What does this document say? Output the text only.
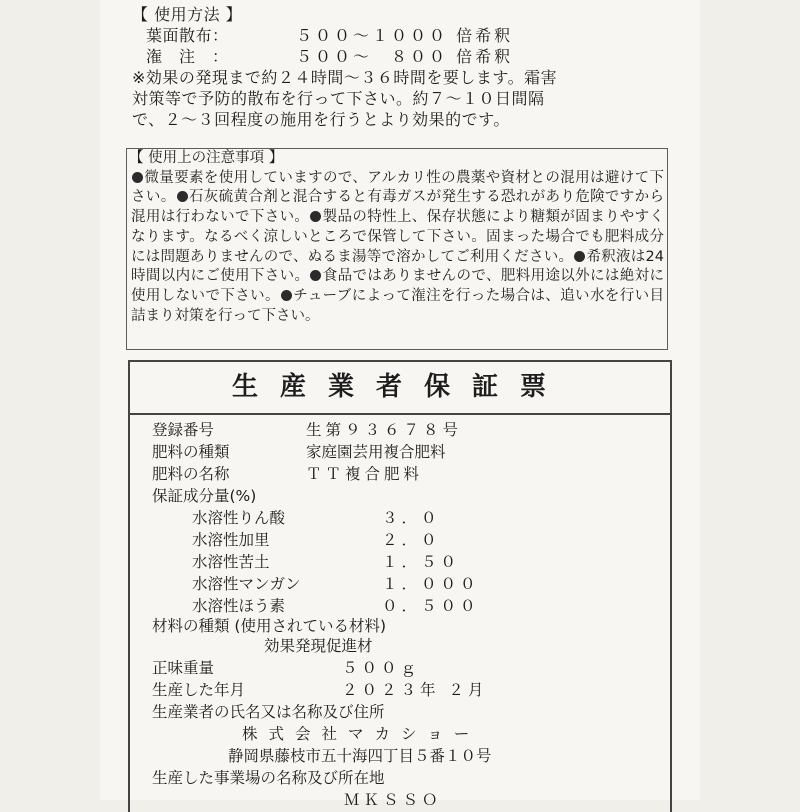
【 使用方法 】
葉面散布：	５００～１０００ 倍希釈
潅　注　：	５００～　８００ 倍希釈
※効果の発現まで約２４時間～３６時間を要します。霜害
対策等で予防的散布を行って下さい。約７～１０日間隔
で、２～３回程度の施用を行うとより効果的です。
【 使用上の注意事項 】
微量要素を使用していますので、アルカリ性の農薬や資材との混用は避けて下さい。 石灰硫黄合剤と混合すると有毒ガスが発生する恐れがあり危険ですから混用は行わないで下さい。 製品の特性上、保存状態により糖類が固まりやすくなります。なるべく涼しいところで保管して下さい。固まった場合でも肥料成分には問題ありませんので、ぬるま湯等で溶かしてご利用ください。 希釈液は24時間以内にご使用下さい。 食品ではありませんので、肥料用途以外には絶対に使用しないで下さい。 チューブによって潅注を行った場合は、追い水を行い目詰まり対策を行って下さい。
生産業者保証票
登録番号	生第９３６７８号
肥料の種類	家庭園芸用複合肥料
肥料の名称	ＴＴ複合肥料
保証成分量(%)
水溶性りん酸	３．０
水溶性加里	２．０
水溶性苦土	１．５０
水溶性マンガン	１．０００
水溶性ほう素	０．５００
材料の種類 (使用されている材料)
効果発現促進材
正味重量	５００ｇ
生産した年月	２０２３年 ２月
生産業者の氏名又は名称及び住所
株式会社マカショー
静岡県藤枝市五十海四丁目５番１０号
生産した事業場の名称及び所在地
ＭＫＳＳＯ
